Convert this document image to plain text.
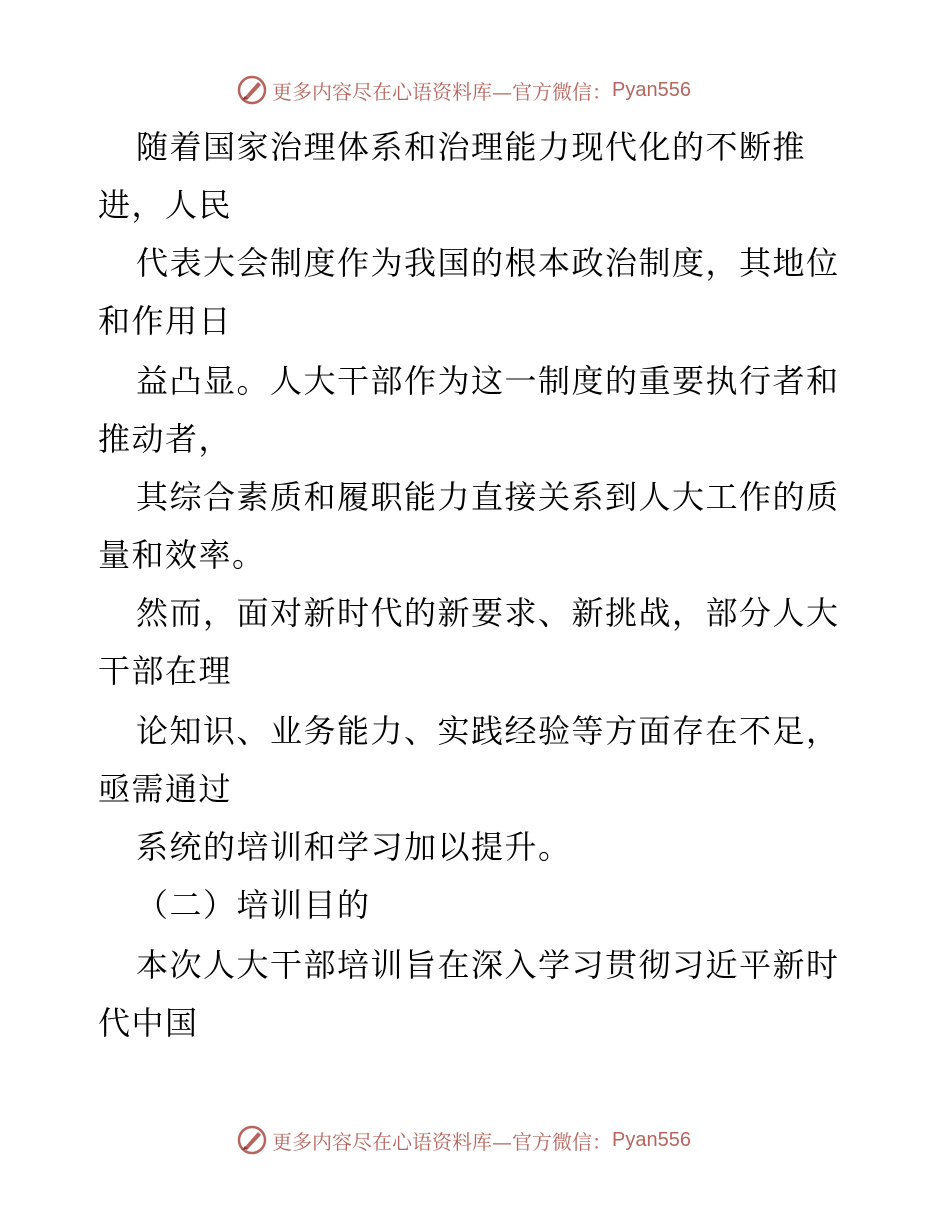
更多内容尽在心语资料库—官方微信： Pyan556
随着国家治理体系和治理能力现代化的不断推
进，人民
代表大会制度作为我国的根本政治制度，其地位
和作用日
益凸显。人大干部作为这一制度的重要执行者和
推动者，
其综合素质和履职能力直接关系到人大工作的质
量和效率。
然而，面对新时代的新要求、新挑战，部分人大
干部在理
论知识、业务能力、实践经验等方面存在不足，
亟需通过
系统的培训和学习加以提升。
（二）培训目的
本次人大干部培训旨在深入学习贯彻习近平新时
代中国
更多内容尽在心语资料库—官方微信： Pyan556
